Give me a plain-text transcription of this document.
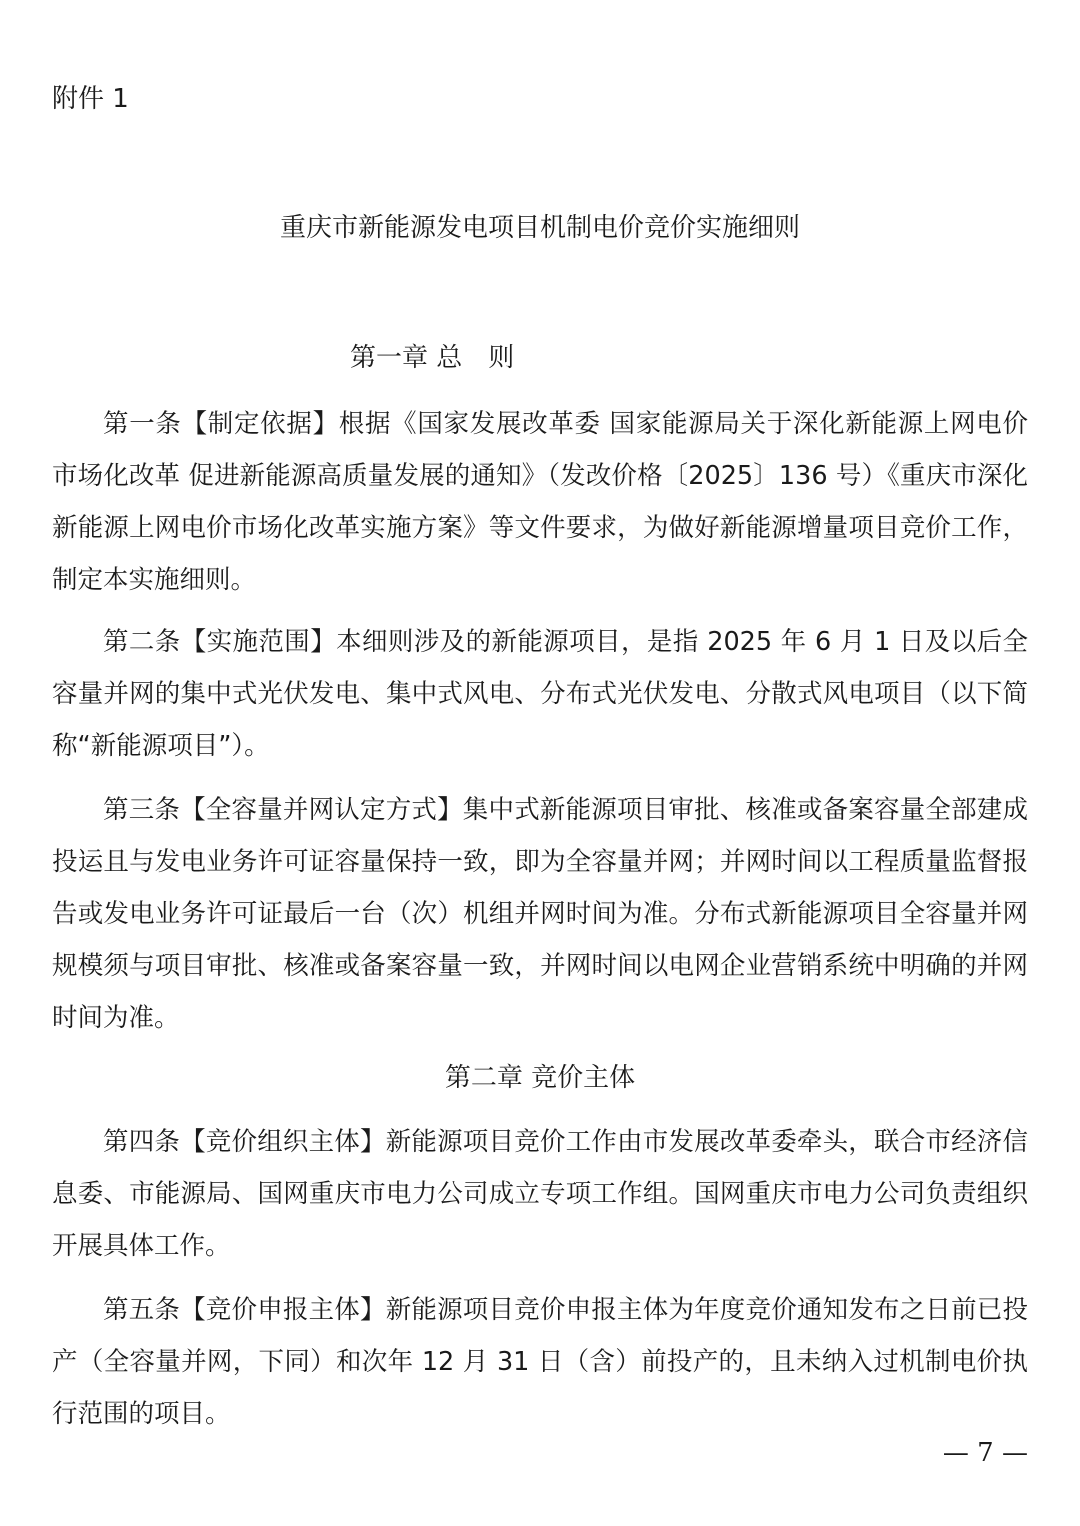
附件 1
重庆市新能源发电项目机制电价竞价实施细则
第一章 总　则

第一条【制定依据】根据《国家发展改革委 国家能源局关于深化新能源上网电价市场化改革 促进新能源高质量发展的通知》（发改价格〔2025〕136 号）《重庆市深化新能源上网电价市场化改革实施方案》等文件要求，为做好新能源增量项目竞价工作，制定本实施细则。

第二条【实施范围】本细则涉及的新能源项目，是指 2025 年 6 月 1 日及以后全容量并网的集中式光伏发电、集中式风电、分布式光伏发电、分散式风电项目（以下简称“新能源项目”）。

第三条【全容量并网认定方式】集中式新能源项目审批、核准或备案容量全部建成投运且与发电业务许可证容量保持一致，即为全容量并网；并网时间以工程质量监督报告或发电业务许可证最后一台（次）机组并网时间为准。分布式新能源项目全容量并网规模须与项目审批、核准或备案容量一致，并网时间以电网企业营销系统中明确的并网时间为准。

第二章 竞价主体

第四条【竞价组织主体】新能源项目竞价工作由市发展改革委牵头，联合市经济信息委、市能源局、国网重庆市电力公司成立专项工作组。国网重庆市电力公司负责组织开展具体工作。

第五条【竞价申报主体】新能源项目竞价申报主体为年度竞价通知发布之日前已投产（全容量并网，下同）和次年 12 月 31 日（含）前投产的，且未纳入过机制电价执行范围的项目。

— 7 —
